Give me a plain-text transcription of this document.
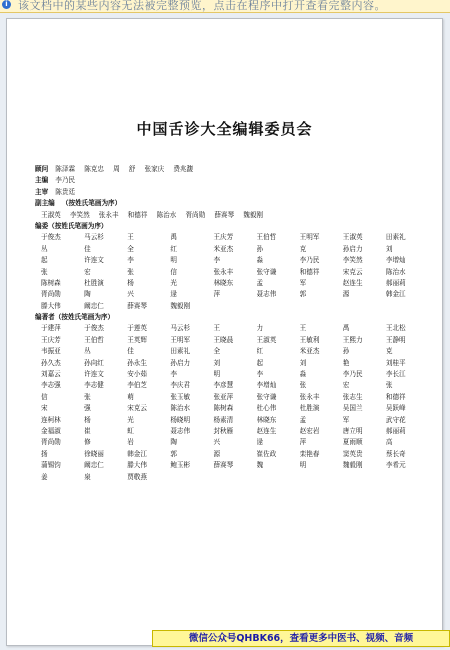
i 该文档中的某些内容无法被完整预览，点击在程序中打开查看完整内容。
中国舌诊大全编辑委员会
顾问 陈泽霖 陈克忠 周 舒 张家庆 费兆馥
主编 李乃民
主审 陈贵廷
副主编 （按姓氏笔画为序）
王淑英 李笑然 张永丰 和德祥 陈治水 胥尚勋 薛赛琴 魏毅刚
编委（按姓氏笔画为序）
于俊杰	马云杉	王	禹	王庆芳	王伯哲	王明军	王淑英	田素礼
丛	佳	全	红	米亚杰	孙	克	孙启力	刘
起	许连文	李	明	李	淼	李乃民	李笑然	李增灿
张	宏	张	信	张永丰	张守谦	和德祥	宋克云	陈治水
陈树森	杜胜演	杨	光	林晓东	孟	军	赵连生	郝丽莉
胥尚勋	陶	兴	逯	萍	聂志伟	郭	源	韩金江
滕大伟	阚忠仁	薛赛琴	魏毅刚
编著者（按姓氏笔画为序）
于建萍	于俊杰	于莲英	马云杉	王	力	王	禹	王北松
王庆芳	王伯哲	王英辉	王明军	王晓晨	王淑英	王敏利	王熙力	王静明
韦振亚	丛	佳	田素礼	全	红	米亚杰	孙	克
孙久杰	孙向红	孙永生	孙启力	刘	起	刘	艳	刘桂平
刘嘉云	许连文	安小茹	李	明	李	淼	李乃民	李长江
李志强	李志健	李伯芝	李庆君	李彦慧	李增灿	张	宏	张
信	张	萌	张玉敏	张亚萍	张守谦	张永丰	张志生	和德祥
宋	强	宋克云	陈治水	陈树森	杜心伟	杜胜演	吴国兰	吴跃峰
连柯林	杨	光	杨晓明	杨素清	林晓东	孟	军	武守花
金福淑	崔	虹	聂志伟	封秋雁	赵连生	赵宏岩	唐立明	郝丽莉
胥尚勋	修	岩	陶	兴	逯	萍	夏雨顺	高
扬	徐晓丽	韩金江	郭	源	崔佐政	栾艳春	窦英贵	蔡长奇
蒲锡钧	阚忠仁	滕大伟	鲍玉彬	薛赛琴	魏	明	魏毅刚	李希元
姜	泉	贾敬燕
微信公众号QHBK66，查看更多中医书、视频、音频
